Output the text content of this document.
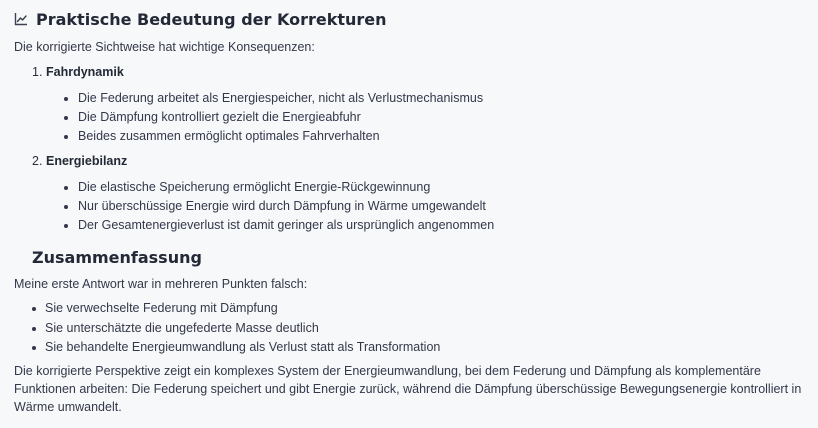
Praktische Bedeutung der Korrekturen

Die korrigierte Sichtweise hat wichtige Konsequenzen:

1. Fahrdynamik
Die Federung arbeitet als Energiespeicher, nicht als Verlustmechanismus
Die Dämpfung kontrolliert gezielt die Energieabfuhr
Beides zusammen ermöglicht optimales Fahrverhalten
2. Energiebilanz
Die elastische Speicherung ermöglicht Energie-Rückgewinnung
Nur überschüssige Energie wird durch Dämpfung in Wärme umgewandelt
Der Gesamtenergieverlust ist damit geringer als ursprünglich angenommen
Zusammenfassung

Meine erste Antwort war in mehreren Punkten falsch:

Sie verwechselte Federung mit Dämpfung
Sie unterschätzte die ungefederte Masse deutlich
Sie behandelte Energieumwandlung als Verlust statt als Transformation

Die korrigierte Perspektive zeigt ein komplexes System der Energieumwandlung, bei dem Federung und Dämpfung als komplementäre Funktionen arbeiten: Die Federung speichert und gibt Energie zurück, während die Dämpfung überschüssige Bewegungsenergie kontrolliert in Wärme umwandelt.
